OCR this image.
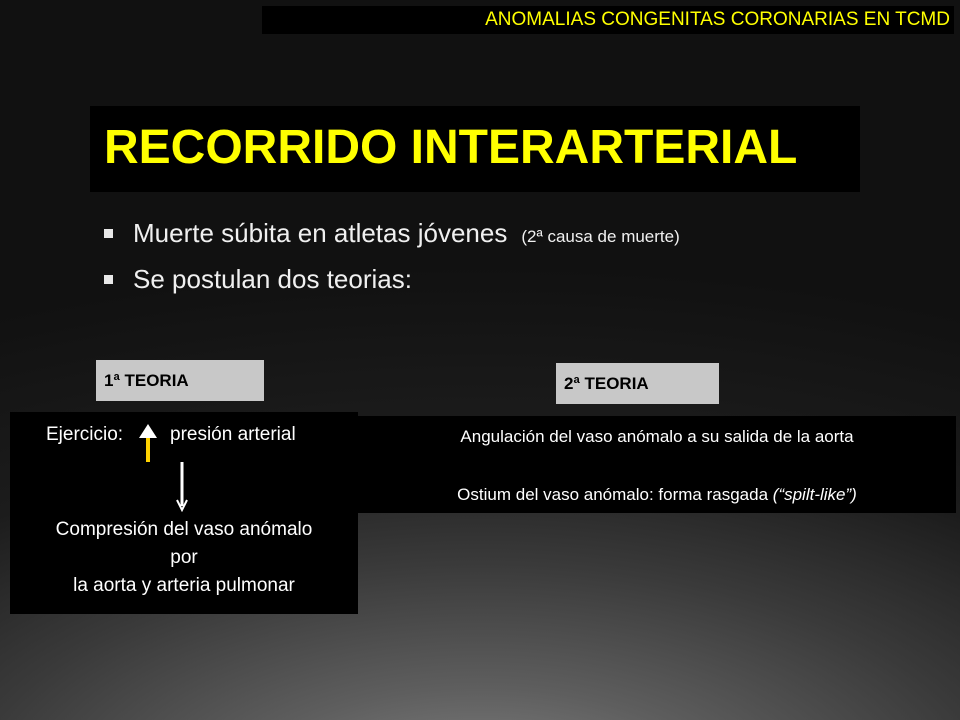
ANOMALIAS CONGENITAS CORONARIAS EN TCMD
RECORRIDO INTERARTERIAL
Muerte súbita en atletas jóvenes (2ª causa de muerte)
Se postulan dos teorias:
1ª TEORIA
Ejercicio: presión arterial
Compresión del vaso anómalo
por
la aorta y arteria pulmonar
2ª TEORIA
Angulación del vaso anómalo a su salida de la aorta
Ostium del vaso anómalo: forma rasgada (“spilt-like”)
